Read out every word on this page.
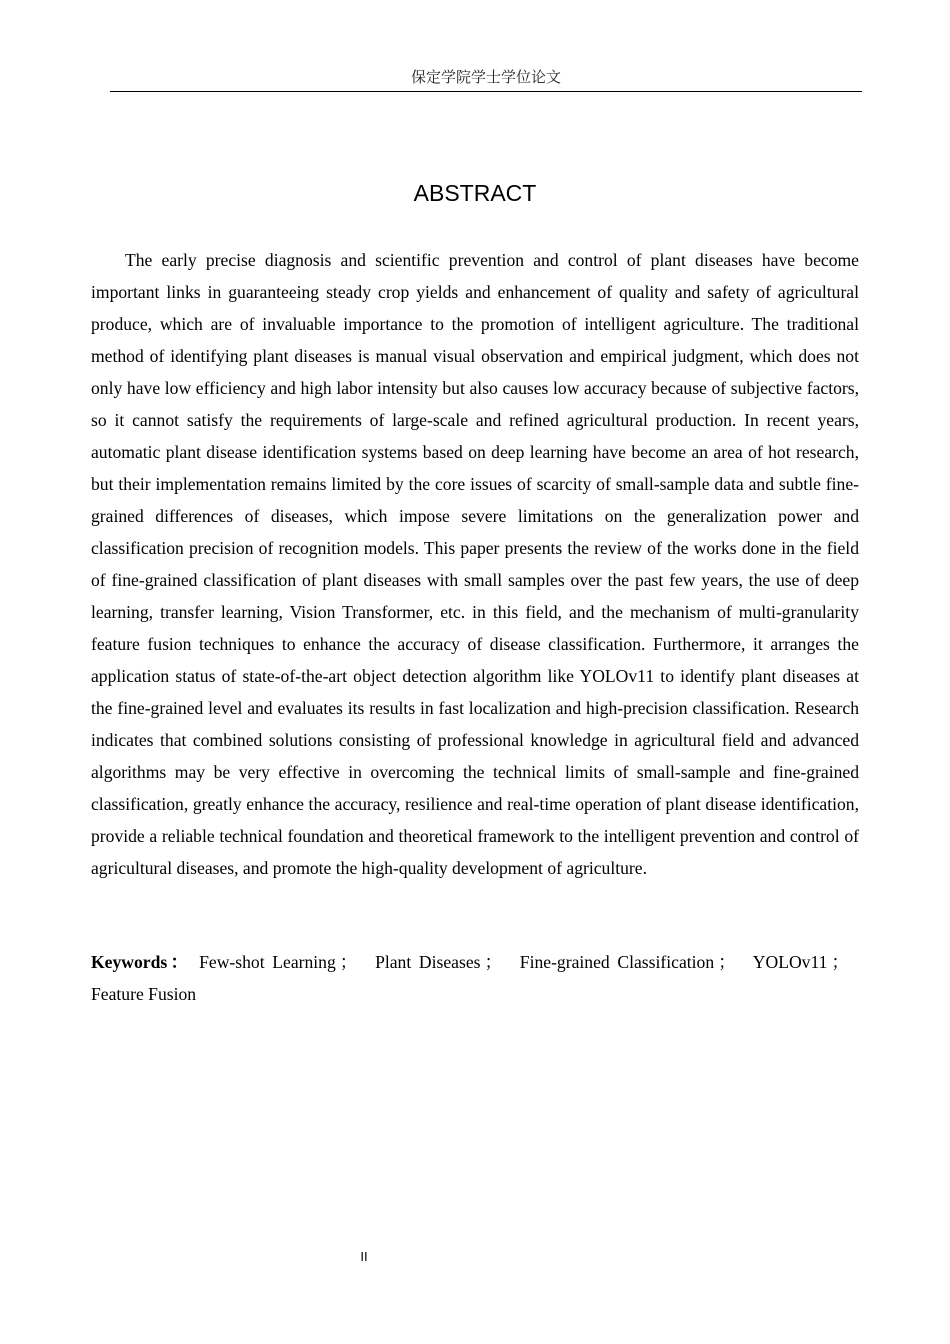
保定学院学士学位论文
ABSTRACT

The early precise diagnosis and scientific prevention and control of plant diseases have become important links in guaranteeing steady crop yields and enhancement of quality and safety of agricultural produce, which are of invaluable importance to the promotion of intelligent agriculture. The traditional method of identifying plant diseases is manual visual observation and empirical judgment, which does not only have low efficiency and high labor intensity but also causes low accuracy because of subjective factors, so it cannot satisfy the requirements of large-scale and refined agricultural production. In recent years, automatic plant disease identification systems based on deep learning have become an area of hot research, but their implementation remains limited by the core issues of scarcity of small-sample data and subtle fine-grained differences of diseases, which impose severe limitations on the generalization power and classification precision of recognition models. This paper presents the review of the works done in the field of fine-grained classification of plant diseases with small samples over the past few years, the use of deep learning, transfer learning, Vision Transformer, etc. in this field, and the mechanism of multi-granularity feature fusion techniques to enhance the accuracy of disease classification. Furthermore, it arranges the application status of state-of-the-art object detection algorithm like YOLOv11 to identify plant diseases at the fine-grained level and evaluates its results in fast localization and high-precision classification. Research indicates that combined solutions consisting of professional knowledge in agricultural field and advanced algorithms may be very effective in overcoming the technical limits of small-sample and fine-grained classification, greatly enhance the accuracy, resilience and real-time operation of plant disease identification, provide a reliable technical foundation and theoretical framework to the intelligent prevention and control of agricultural diseases, and promote the high-quality development of agriculture.

Keywords： Few-shot Learning ； Plant Diseases ； Fine-grained Classification ； YOLOv11 ； Feature Fusion

II
